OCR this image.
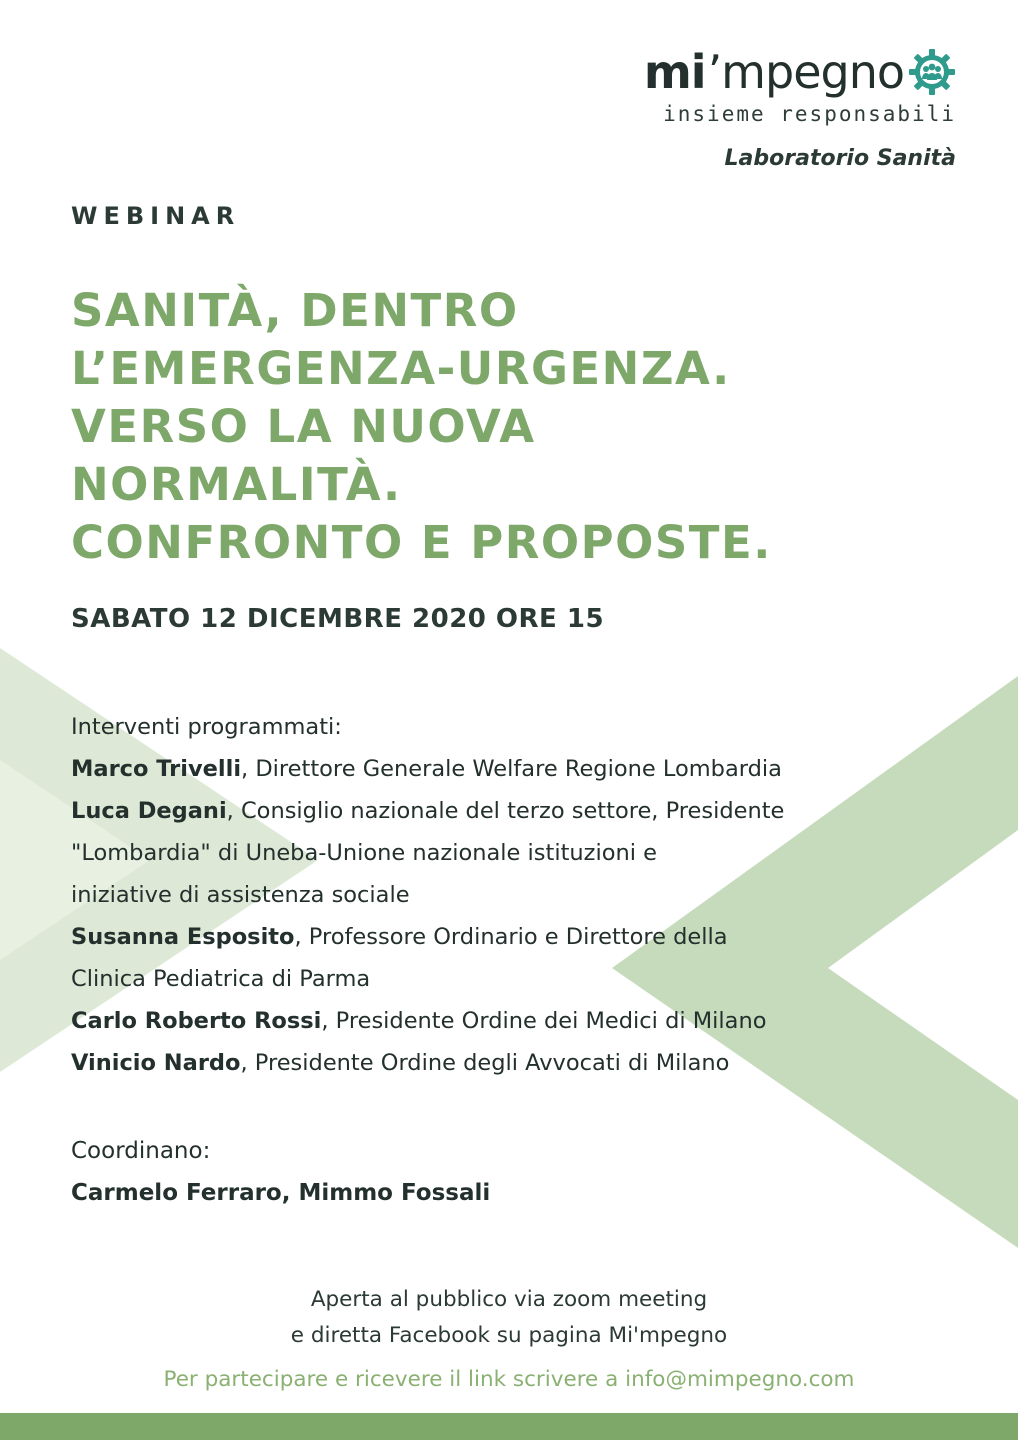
mi ’mpegno
insieme responsabili
Laboratorio Sanità
WEBINAR
SANITÀ, DENTRO
L’EMERGENZA-URGENZA.
VERSO LA NUOVA
NORMALITÀ.
CONFRONTO E PROPOSTE.
SABATO 12 DICEMBRE 2020 ORE 15
Interventi programmati:
Marco Trivelli, Direttore Generale Welfare Regione Lombardia
Luca Degani, Consiglio nazionale del terzo settore, Presidente
"Lombardia" di Uneba-Unione nazionale istituzioni e
iniziative di assistenza sociale
Susanna Esposito, Professore Ordinario e Direttore della
Clinica Pediatrica di Parma
Carlo Roberto Rossi, Presidente Ordine dei Medici di Milano
Vinicio Nardo, Presidente Ordine degli Avvocati di Milano
Coordinano:
Carmelo Ferraro, Mimmo Fossali
Aperta al pubblico via zoom meeting
e diretta Facebook su pagina Mi'mpegno
Per partecipare e ricevere il link scrivere a info@mimpegno.com
